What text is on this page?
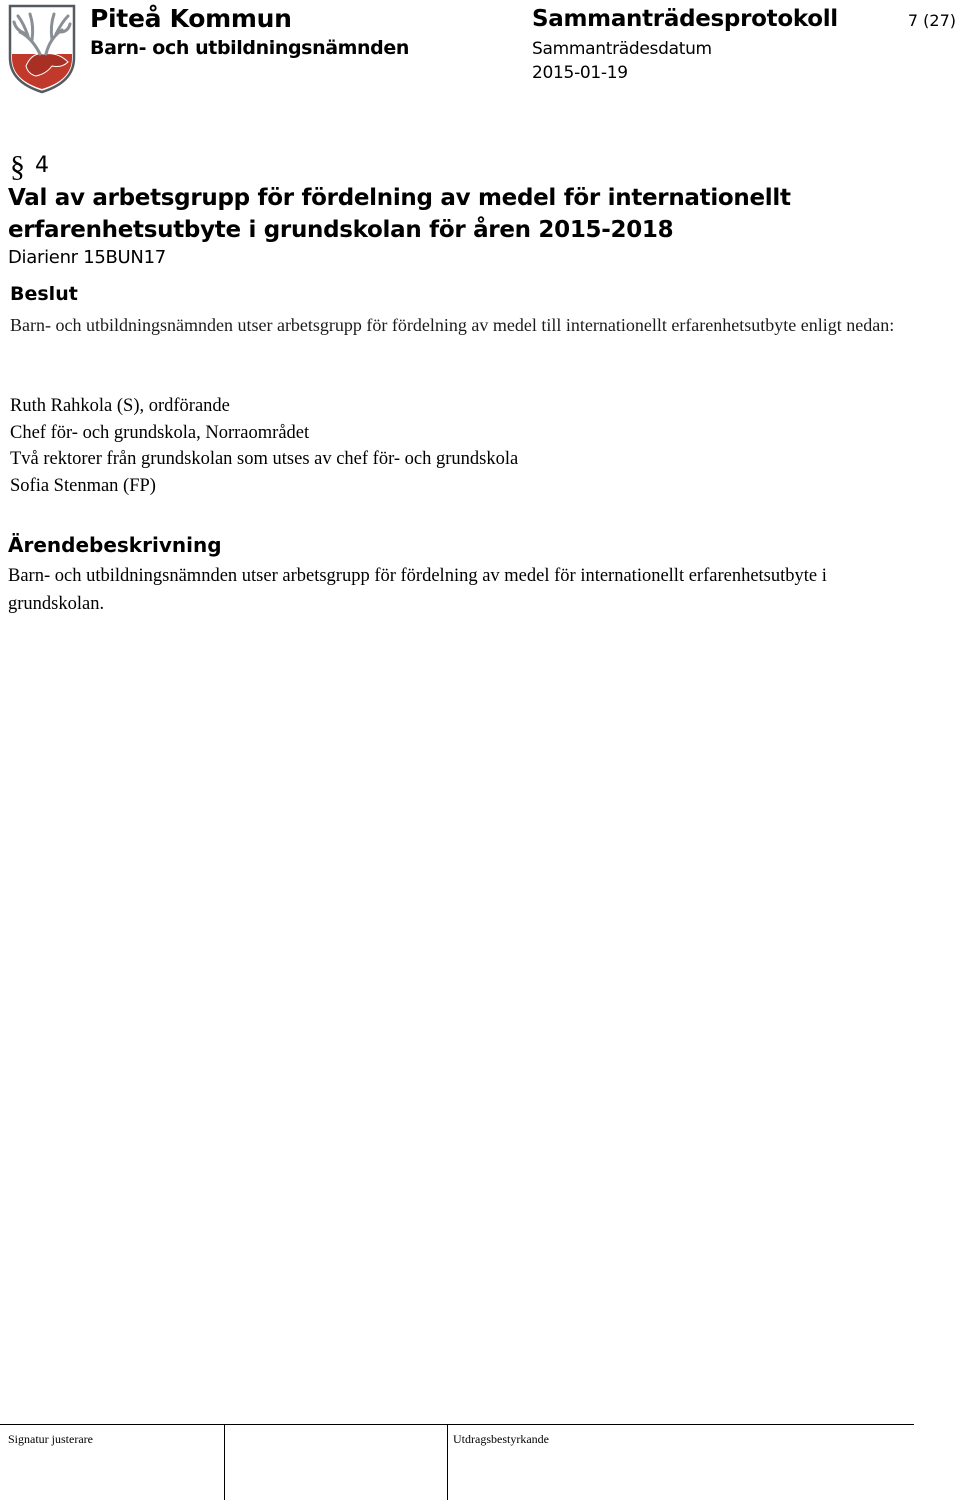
Piteå Kommun
Barn- och utbildningsnämnden
Sammanträdesprotokoll
Sammanträdesdatum
2015-01-19
7 (27)
§ 4
Val av arbetsgrupp för fördelning av medel för internationellt erfarenhetsutbyte i grundskolan för åren 2015-2018
Diarienr 15BUN17
Beslut
Barn- och utbildningsnämnden utser arbetsgrupp för fördelning av medel till internationellt erfarenhetsutbyte enligt nedan:
Ruth Rahkola (S), ordförande
Chef för- och grundskola, Norraområdet
Två rektorer från grundskolan som utses av chef för- och grundskola
Sofia Stenman (FP)
Ärendebeskrivning
Barn- och utbildningsnämnden utser arbetsgrupp för fördelning av medel för internationellt erfarenhetsutbyte i grundskolan.
Signatur justerare	Utdragsbestyrkande
